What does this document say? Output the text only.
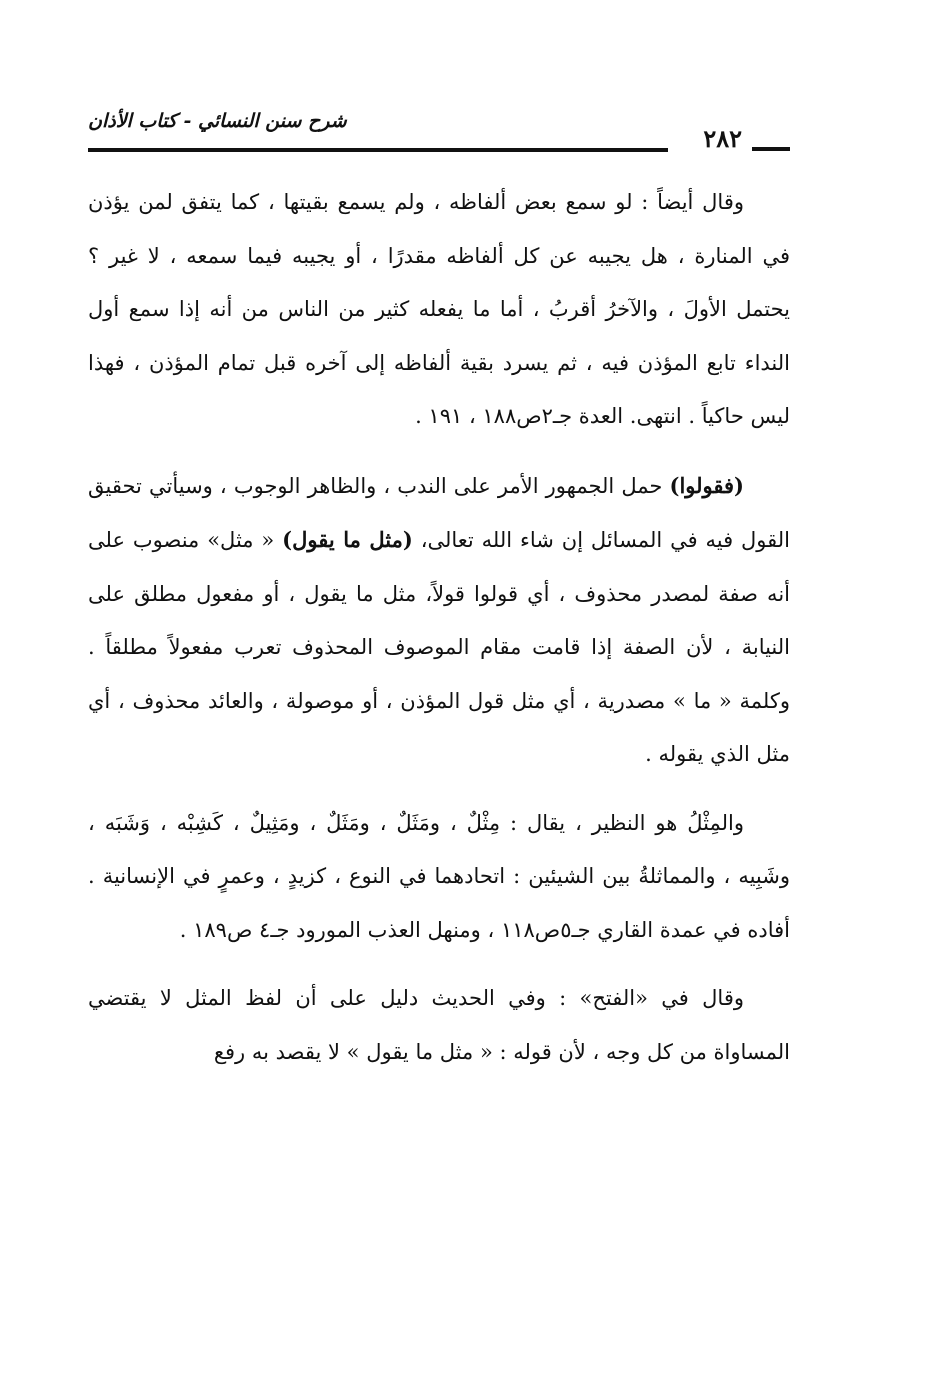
شرح سنن النسائي - كتاب الأذان
٢٨٢

وقال أيضاً : لو سمع بعض ألفاظه ، ولم يسمع بقيتها ، كما يتفق لمن يؤذن في المنارة ، هل يجيبه عن كل ألفاظه مقدرًا ، أو يجيبه فيما سمعه ، لا غير ؟ يحتمل الأولَ ، والآخرُ أقربُ ، أما ما يفعله كثير من الناس من أنه إذا سمع أول النداء تابع المؤذن فيه ، ثم يسرد بقية ألفاظه إلى آخره قبل تمام المؤذن ، فهذا ليس حاكياً . انتهى. العدة جـ٢ص١٨٨ ، ١٩١ .

(فقولوا) حمل الجمهور الأمر على الندب ، والظاهر الوجوب ، وسيأتي تحقيق القول فيه في المسائل إن شاء الله تعالى، (مثل ما يقول) « مثل» منصوب على أنه صفة لمصدر محذوف ، أي قولوا قولاً، مثل ما يقول ، أو مفعول مطلق على النيابة ، لأن الصفة إذا قامت مقام الموصوف المحذوف تعرب مفعولاً مطلقاً . وكلمة « ما » مصدرية ، أي مثل قول المؤذن ، أو موصولة ، والعائد محذوف ، أي مثل الذي يقوله .

والمِثْلُ هو النظير ، يقال : مِثْلٌ ، ومَثَلٌ ، ومَثَلٌ ، ومَثِيلٌ ، كَشِبْه ، وَشَبَه ، وشَبِيه ، والمماثلةُ بين الشيئين : اتحادهما في النوع ، كزيدٍ ، وعمرٍ في الإنسانية . أفاده في عمدة القاري جـ٥ص١١٨ ، ومنهل العذب المورود جـ٤ ص١٨٩ .

وقال في «الفتح» : وفي الحديث دليل على أن لفظ المثل لا يقتضي المساواة من كل وجه ، لأن قوله : « مثل ما يقول » لا يقصد به رفع
